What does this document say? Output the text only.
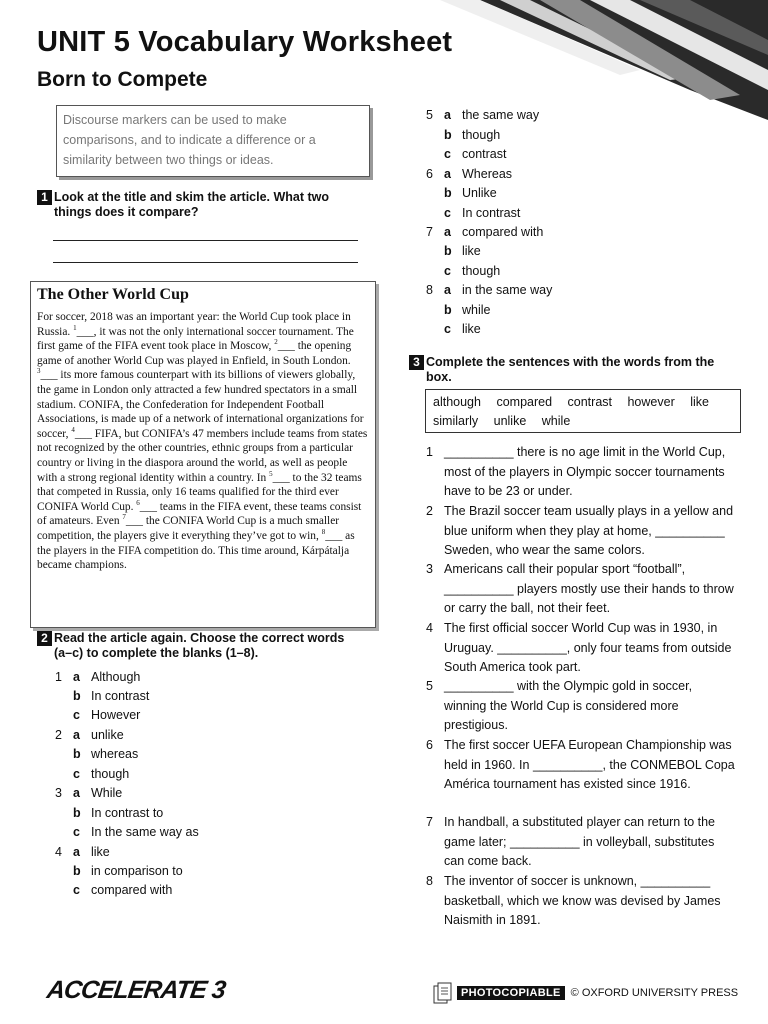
UNIT 5 Vocabulary Worksheet
Born to Compete
Discourse markers can be used to make comparisons, and to indicate a difference or a similarity between two things or ideas.
1 Look at the title and skim the article. What two things does it compare?
The Other World Cup
For soccer, 2018 was an important year: the World Cup took place in Russia. $^1$___, it was not the only international soccer tournament. The first game of the FIFA event took place in Moscow, $^2$___ the opening game of another World Cup was played in Enfield, in South London. $^3$___ its more famous counterpart with its billions of viewers globally, the game in London only attracted a few hundred spectators in a small stadium. CONIFA, the Confederation for Independent Football Associations, is made up of a network of international organizations for soccer, $^4$___ FIFA, but CONIFA’s 47 members include teams from states not recognized by the other countries, ethnic groups from a particular country or living in the diaspora around the world, as well as people with a strong regional identity within a country. In $^5$___ to the 32 teams that competed in Russia, only 16 teams qualified for the third ever CONIFA World Cup. $^6$___ teams in the FIFA event, these teams consist of amateurs. Even $^7$___ the CONIFA World Cup is a much smaller competition, the players give it everything they’ve got to win, $^8$___ as the players in the FIFA competition do. This time around, Kárpátalja became champions.
2 Read the article again. Choose the correct words (a–c) to complete the blanks (1–8).
1 a Although
b In contrast
c However
2 a unlike
b whereas
c though
3 a While
b In contrast to
c In the same way as
4 a like
b in comparison to
c compared with
5 a the same way
b though
c contrast
6 a Whereas
b Unlike
c In contrast
7 a compared with
b like
c though
8 a in the same way
b while
c like
3 Complete the sentences with the words from the box.
although compared contrast however like
similarly unlike while
1 __________ there is no age limit in the World Cup, most of the players in Olympic soccer tournaments have to be 23 or under.
2 The Brazil soccer team usually plays in a yellow and blue uniform when they play at home, __________ Sweden, who wear the same colors.
3 Americans call their popular sport “football”, __________ players mostly use their hands to throw or carry the ball, not their feet.
4 The first official soccer World Cup was in 1930, in Uruguay. __________, only four teams from outside South America took part.
5 __________ with the Olympic gold in soccer, winning the World Cup is considered more prestigious.
6 The first soccer UEFA European Championship was held in 1960. In __________, the CONMEBOL Copa América tournament has existed since 1916.
7 In handball, a substituted player can return to the game later; __________ in volleyball, substitutes can come back.
8 The inventor of soccer is unknown, __________ basketball, which we know was devised by James Naismith in 1891.
ACCELERATE 3	PHOTOCOPIABLE © OXFORD UNIVERSITY PRESS
